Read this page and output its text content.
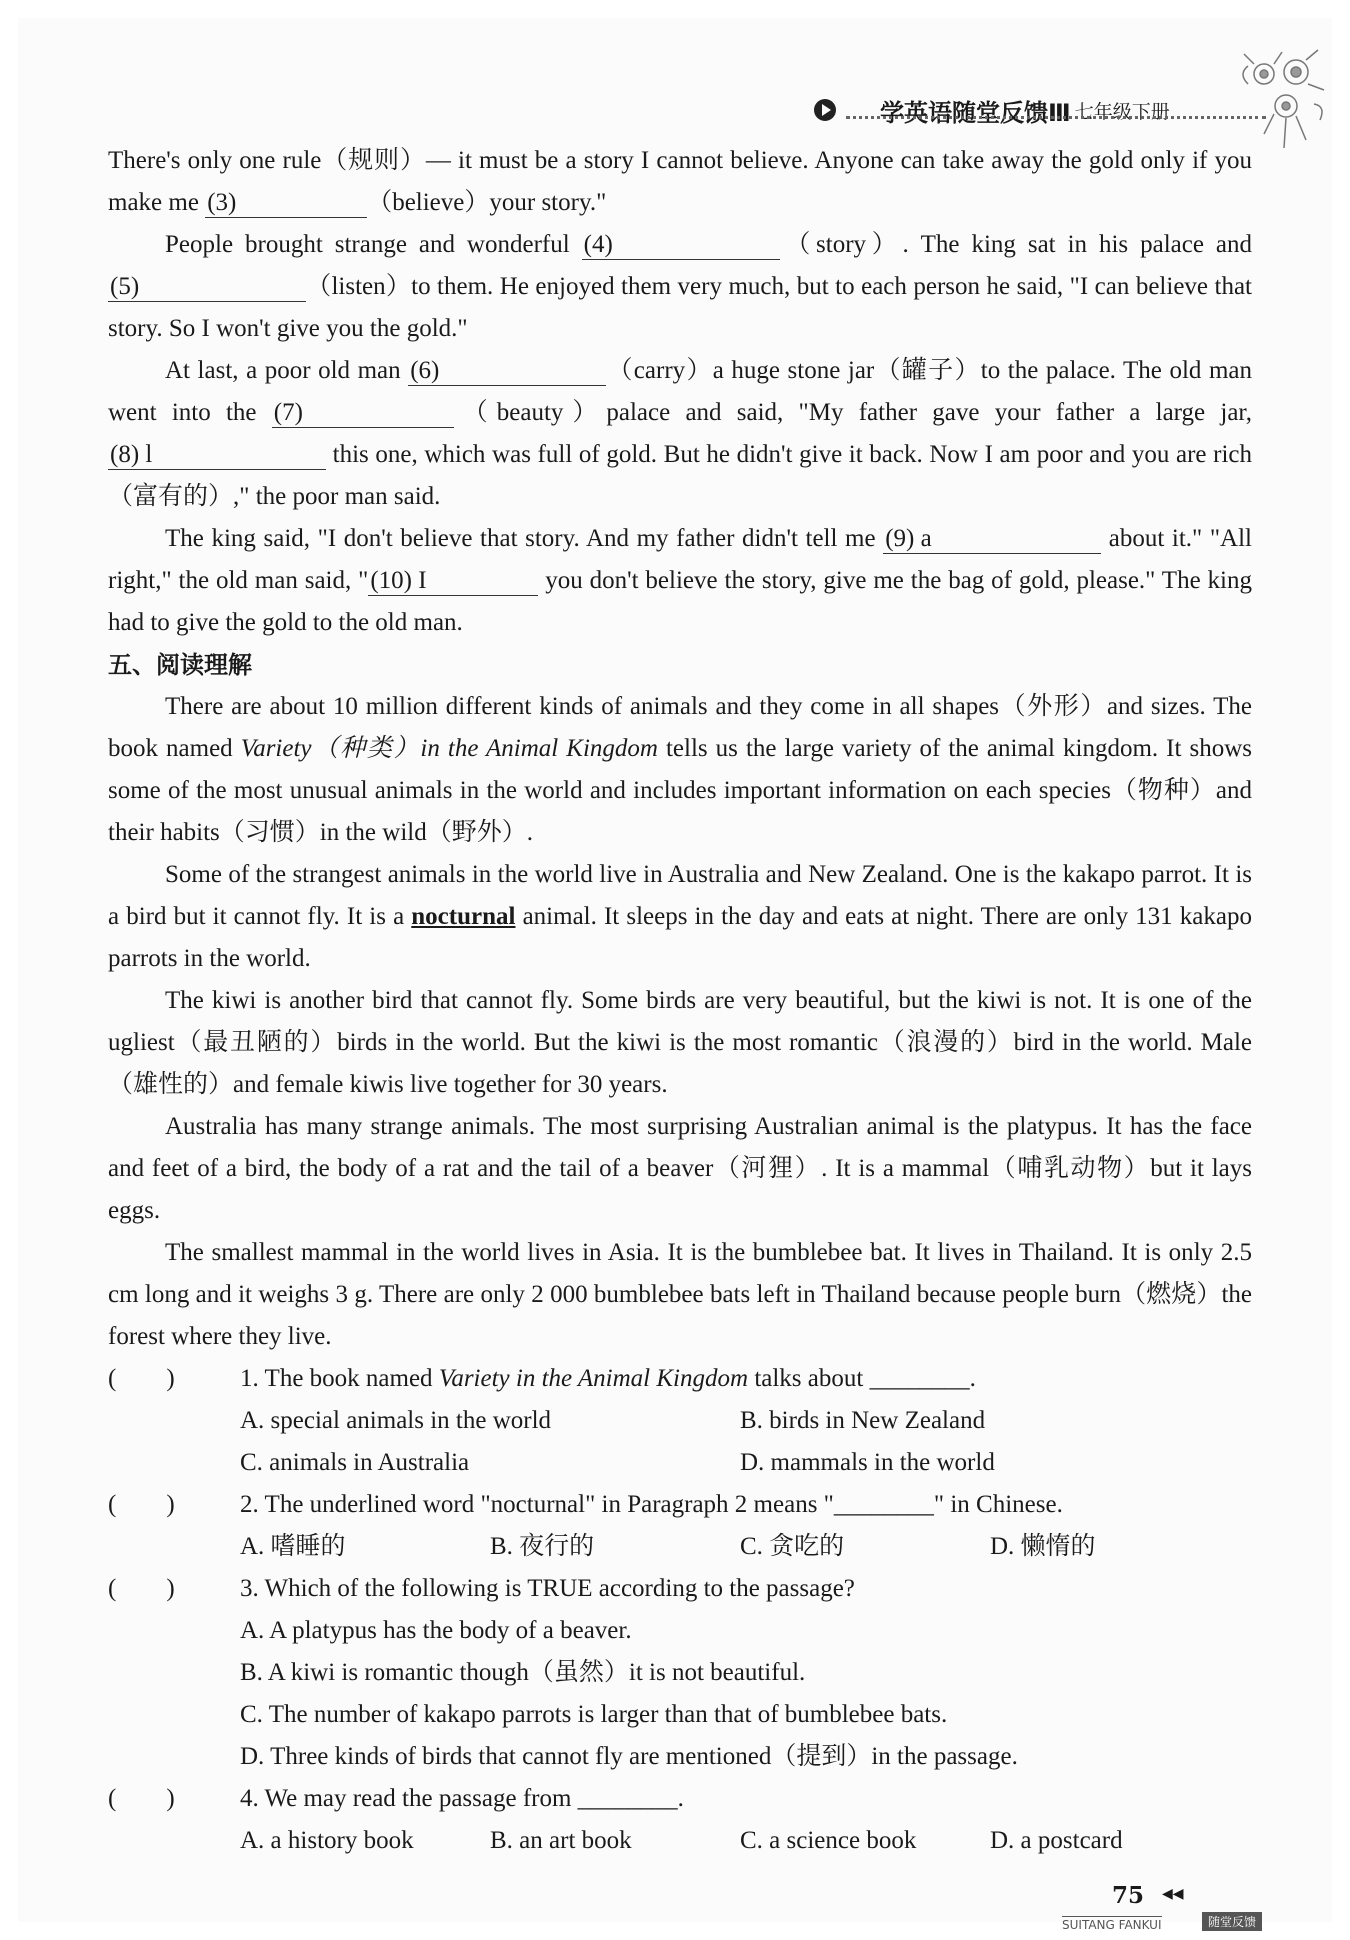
学英语随堂反馈Ⅲ 七年级下册

There's only one rule（规则）— it must be a story I cannot believe. Anyone can take away the gold only if you make me (3)	（believe）your story."

People brought strange and wonderful (4)	（story）. The king sat in his palace and (5)	（listen）to them. He enjoyed them very much, but to each person he said, "I can believe that story. So I won't give you the gold."

At last, a poor old man (6)	（carry）a huge stone jar（罐子）to the palace. The old man went into the (7)	（beauty）palace and said, "My father gave your father a large jar, (8) l	this one, which was full of gold. But he didn't give it back. Now I am poor and you are rich（富有的）," the poor man said.

The king said, "I don't believe that story. And my father didn't tell me (9) a	about it." "All right," the old man said, "(10) I	you don't believe the story, give me the bag of gold, please." The king had to give the gold to the old man.

五、阅读理解

There are about 10 million different kinds of animals and they come in all shapes（外形）and sizes. The book named Variety（种类）in the Animal Kingdom tells us the large variety of the animal kingdom. It shows some of the most unusual animals in the world and includes important information on each species（物种）and their habits（习惯）in the wild（野外）.

Some of the strangest animals in the world live in Australia and New Zealand. One is the kakapo parrot. It is a bird but it cannot fly. It is a nocturnal animal. It sleeps in the day and eats at night. There are only 131 kakapo parrots in the world.

The kiwi is another bird that cannot fly. Some birds are very beautiful, but the kiwi is not. It is one of the ugliest（最丑陋的）birds in the world. But the kiwi is the most romantic（浪漫的）bird in the world. Male（雄性的）and female kiwis live together for 30 years.

Australia has many strange animals. The most surprising Australian animal is the platypus. It has the face and feet of a bird, the body of a rat and the tail of a beaver（河狸）. It is a mammal（哺乳动物）but it lays eggs.

The smallest mammal in the world lives in Asia. It is the bumblebee bat. It lives in Thailand. It is only 2.5 cm long and it weighs 3 g. There are only 2 000 bumblebee bats left in Thailand because people burn（燃烧）the forest where they live.

(　　)	1. The book named Variety in the Animal Kingdom talks about ________.
A. special animals in the world	B. birds in New Zealand
C. animals in Australia	D. mammals in the world
(　　)	2. The underlined word "nocturnal" in Paragraph 2 means "________" in Chinese.
A. 嗜睡的	B. 夜行的	C. 贪吃的	D. 懒惰的
(　　)	3. Which of the following is TRUE according to the passage?
A. A platypus has the body of a beaver.
B. A kiwi is romantic though（虽然）it is not beautiful.
C. The number of kakapo parrots is larger than that of bumblebee bats.
D. Three kinds of birds that cannot fly are mentioned（提到）in the passage.
(　　)	4. We may read the passage from ________.
A. a history book	B. an art book	C. a science book	D. a postcard
75 ◀◀
SUITANG FANKUI	随堂反馈
